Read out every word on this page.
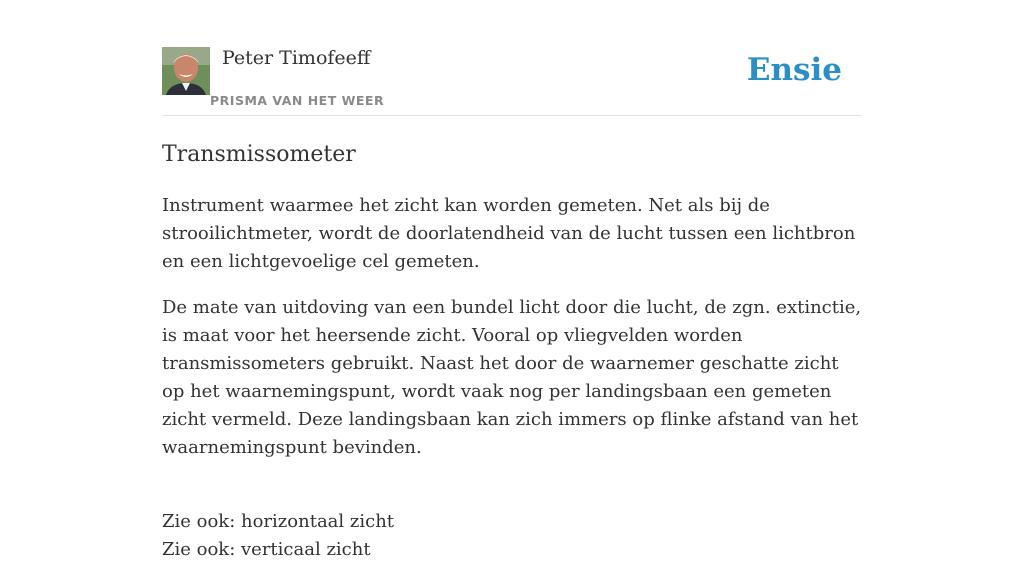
Peter Timofeeff
PRISMA VAN HET WEER
Ensie
Transmissometer

Instrument waarmee het zicht kan worden gemeten. Net als bij de strooilichtmeter, wordt de doorlatendheid van de lucht tussen een lichtbron en een lichtgevoelige cel gemeten.

De mate van uitdoving van een bundel licht door die lucht, de zgn. extinctie, is maat voor het heersende zicht. Vooral op vliegvelden worden transmissometers gebruikt. Naast het door de waarnemer geschatte zicht op het waarnemingspunt, wordt vaak nog per landingsbaan een gemeten zicht vermeld. Deze landingsbaan kan zich immers op flinke afstand van het waarnemingspunt bevinden.

Zie ook: horizontaal zicht
Zie ook: verticaal zicht
